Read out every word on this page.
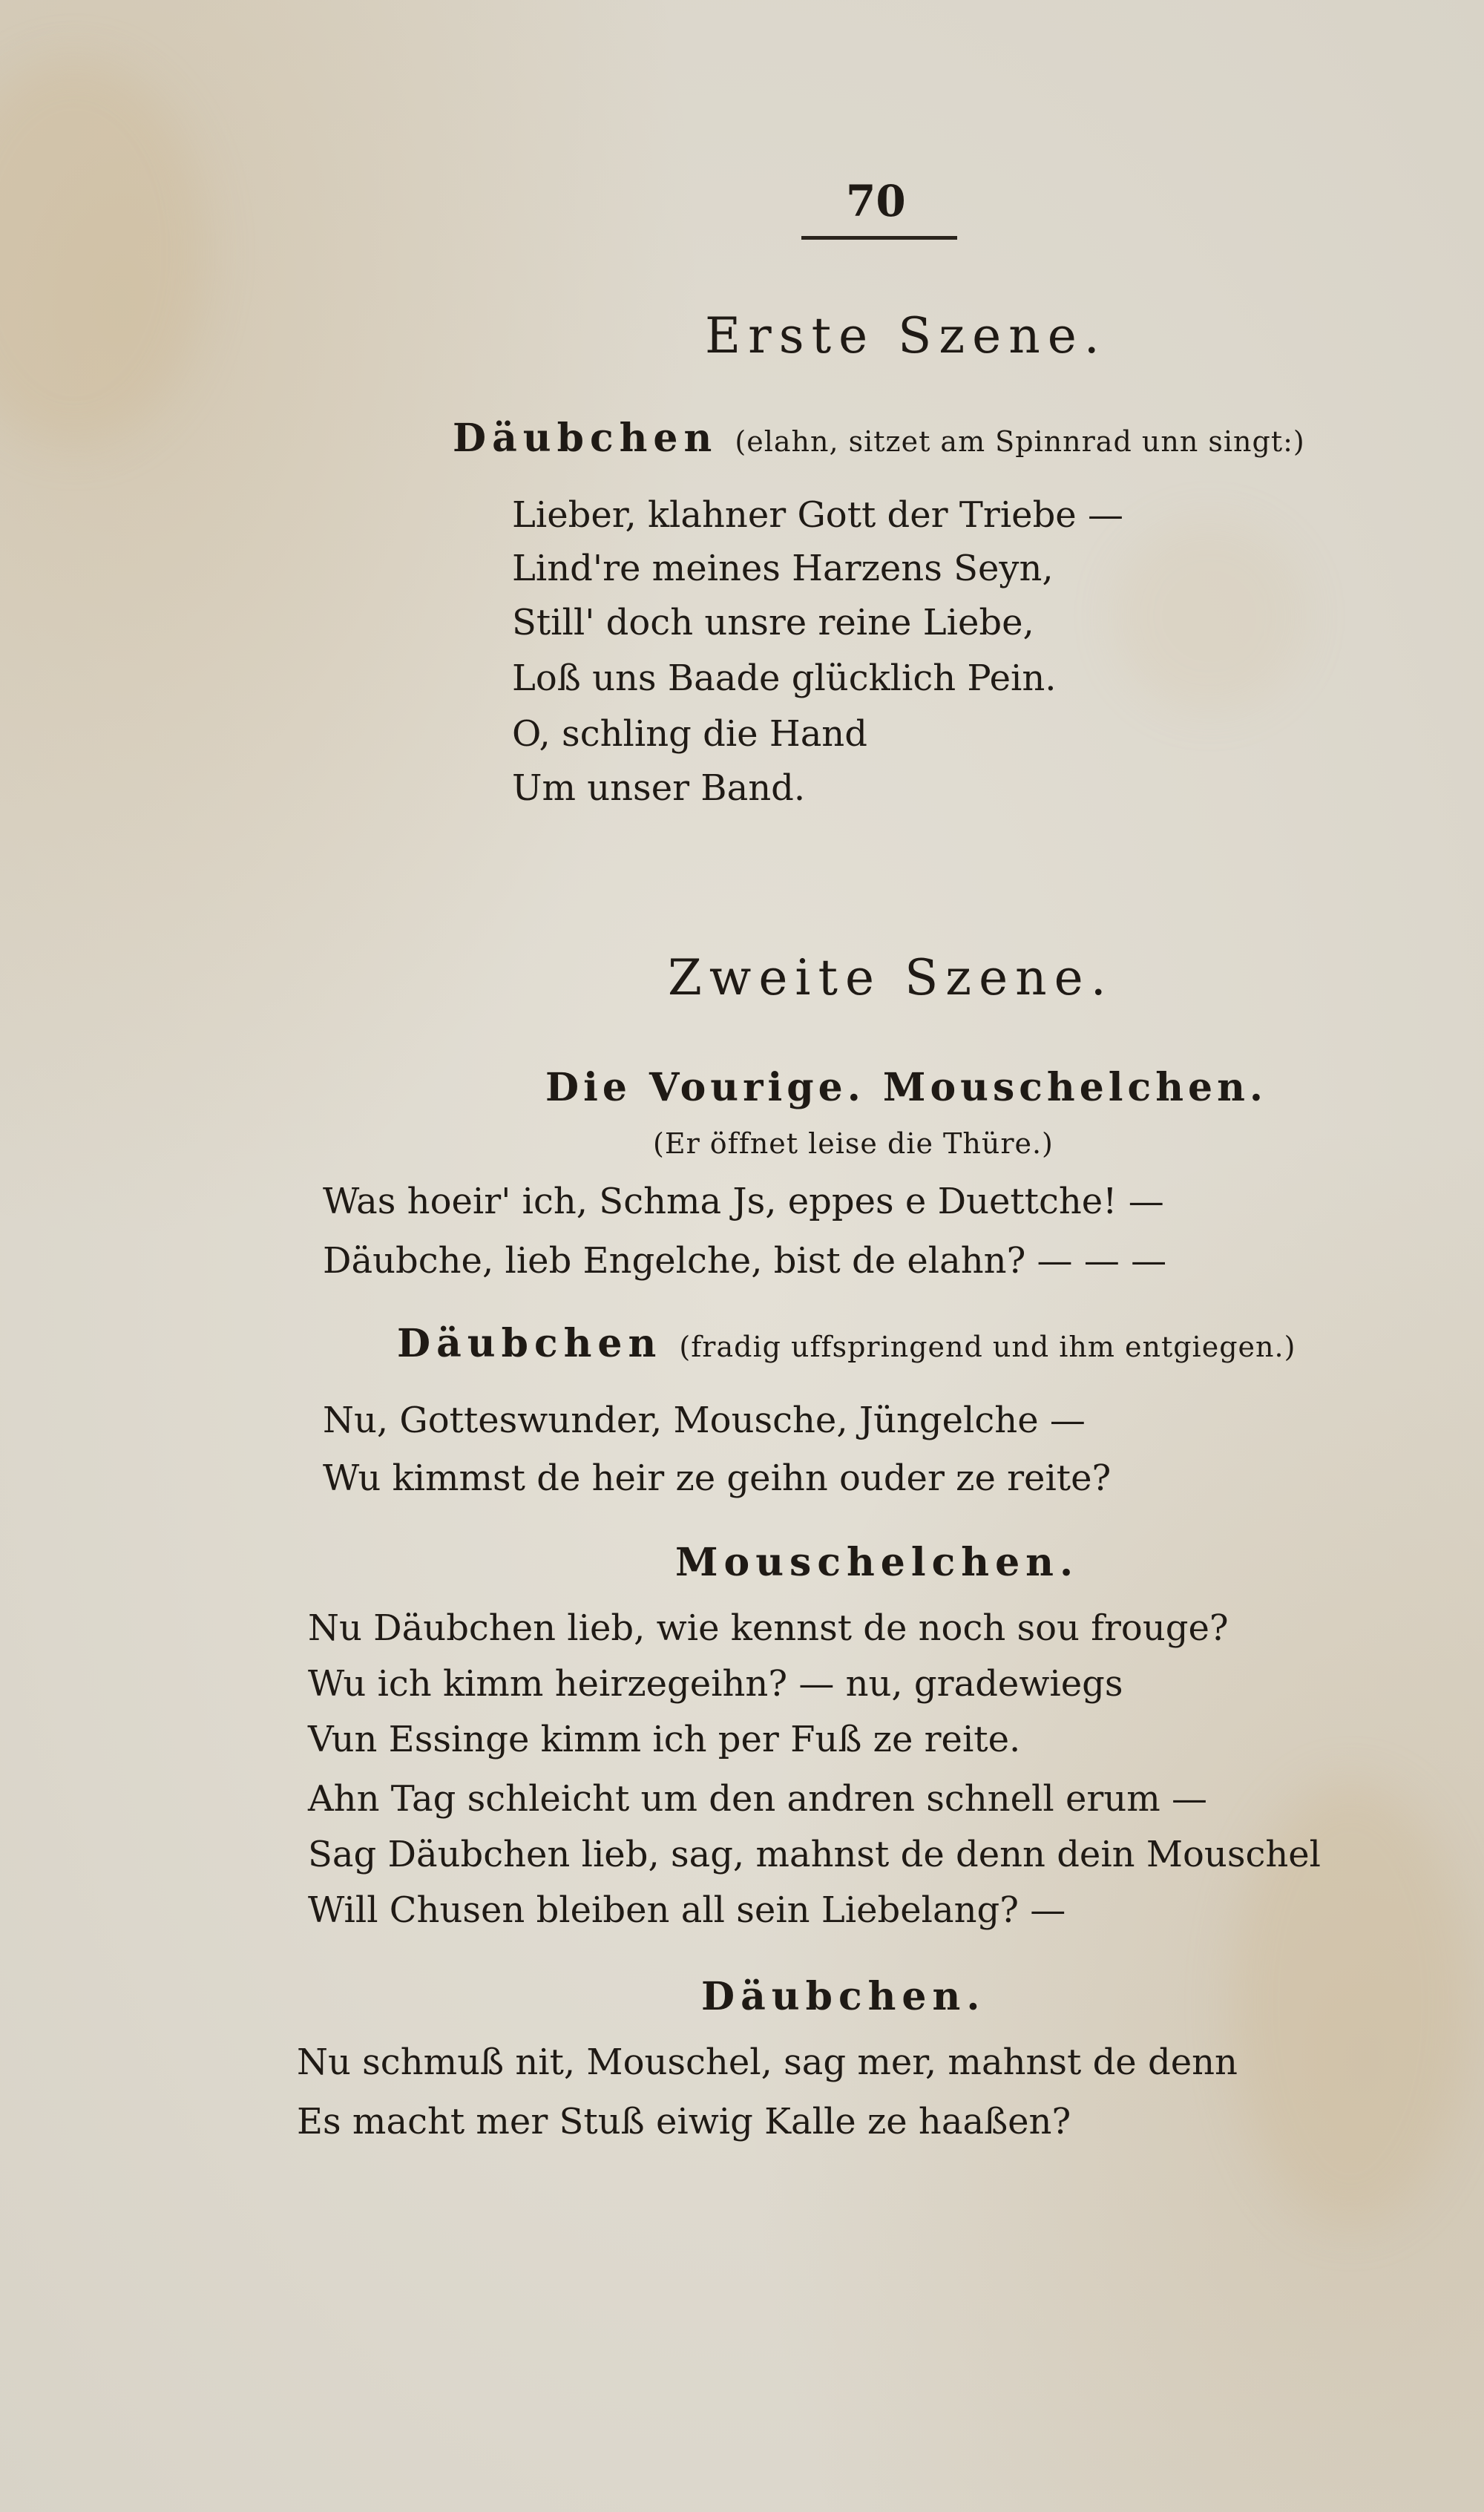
70
Erste Szene.
Däubchen (elahn, sitzet am Spinnrad unn singt:)
Lieber, klahner Gott der Triebe —
Lind're meines Harzens Seyn,
Still' doch unsre reine Liebe,
Loß uns Baade glücklich Pein.
O, schling die Hand
Um unser Band.
Zweite Szene.
Die Vourige. Mouschelchen.
(Er öffnet leise die Thüre.)
Was hoeir' ich, Schma Js, eppes e Duettche! —
Däubche, lieb Engelche, bist de elahn? — — —
Däubchen (fradig uffspringend und ihm entgiegen.)
Nu, Gotteswunder, Mousche, Jüngelche —
Wu kimmst de heir ze geihn ouder ze reite?
Mouschelchen.
Nu Däubchen lieb, wie kennst de noch sou frouge?
Wu ich kimm heirzegeihn? — nu, gradewiegs
Vun Essinge kimm ich per Fuß ze reite.
Ahn Tag schleicht um den andren schnell erum —
Sag Däubchen lieb, sag, mahnst de denn dein Mouschel
Will Chusen bleiben all sein Liebelang? —
Däubchen.
Nu schmuß nit, Mouschel, sag mer, mahnst de denn
Es macht mer Stuß eiwig Kalle ze haaßen?
